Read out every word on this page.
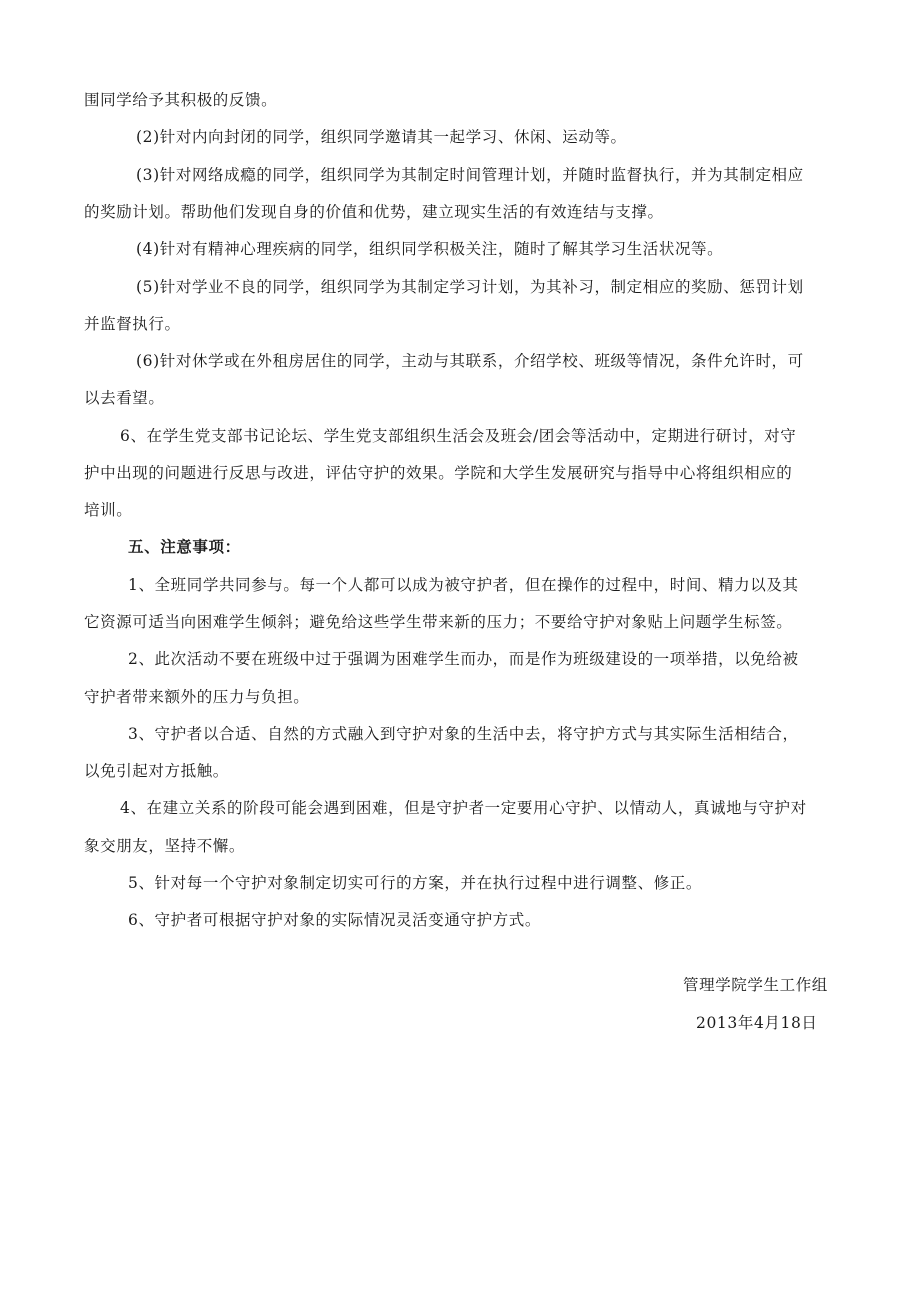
围同学给予其积极的反馈。

(2)针对内向封闭的同学，组织同学邀请其一起学习、休闲、运动等。

(3)针对网络成瘾的同学，组织同学为其制定时间管理计划，并随时监督执行，并为其制定相应

的奖励计划。帮助他们发现自身的价值和优势，建立现实生活的有效连结与支撑。

(4)针对有精神心理疾病的同学，组织同学积极关注，随时了解其学习生活状况等。

(5)针对学业不良的同学，组织同学为其制定学习计划，为其补习，制定相应的奖励、惩罚计划

并监督执行。

(6)针对休学或在外租房居住的同学，主动与其联系，介绍学校、班级等情况，条件允许时，可

以去看望。

6、在学生党支部书记论坛、学生党支部组织生活会及班会/团会等活动中，定期进行研讨，对守

护中出现的问题进行反思与改进，评估守护的效果。学院和大学生发展研究与指导中心将组织相应的

培训。

五、注意事项：

1、全班同学共同参与。每一个人都可以成为被守护者，但在操作的过程中，时间、精力以及其

它资源可适当向困难学生倾斜；避免给这些学生带来新的压力；不要给守护对象贴上问题学生标签。

2、此次活动不要在班级中过于强调为困难学生而办，而是作为班级建设的一项举措，以免给被

守护者带来额外的压力与负担。

3、守护者以合适、自然的方式融入到守护对象的生活中去，将守护方式与其实际生活相结合，

以免引起对方抵触。

4、在建立关系的阶段可能会遇到困难，但是守护者一定要用心守护、以情动人，真诚地与守护对

象交朋友，坚持不懈。

5、针对每一个守护对象制定切实可行的方案，并在执行过程中进行调整、修正。

6、守护者可根据守护对象的实际情况灵活变通守护方式。

管理学院学生工作组

2013年4月18日
